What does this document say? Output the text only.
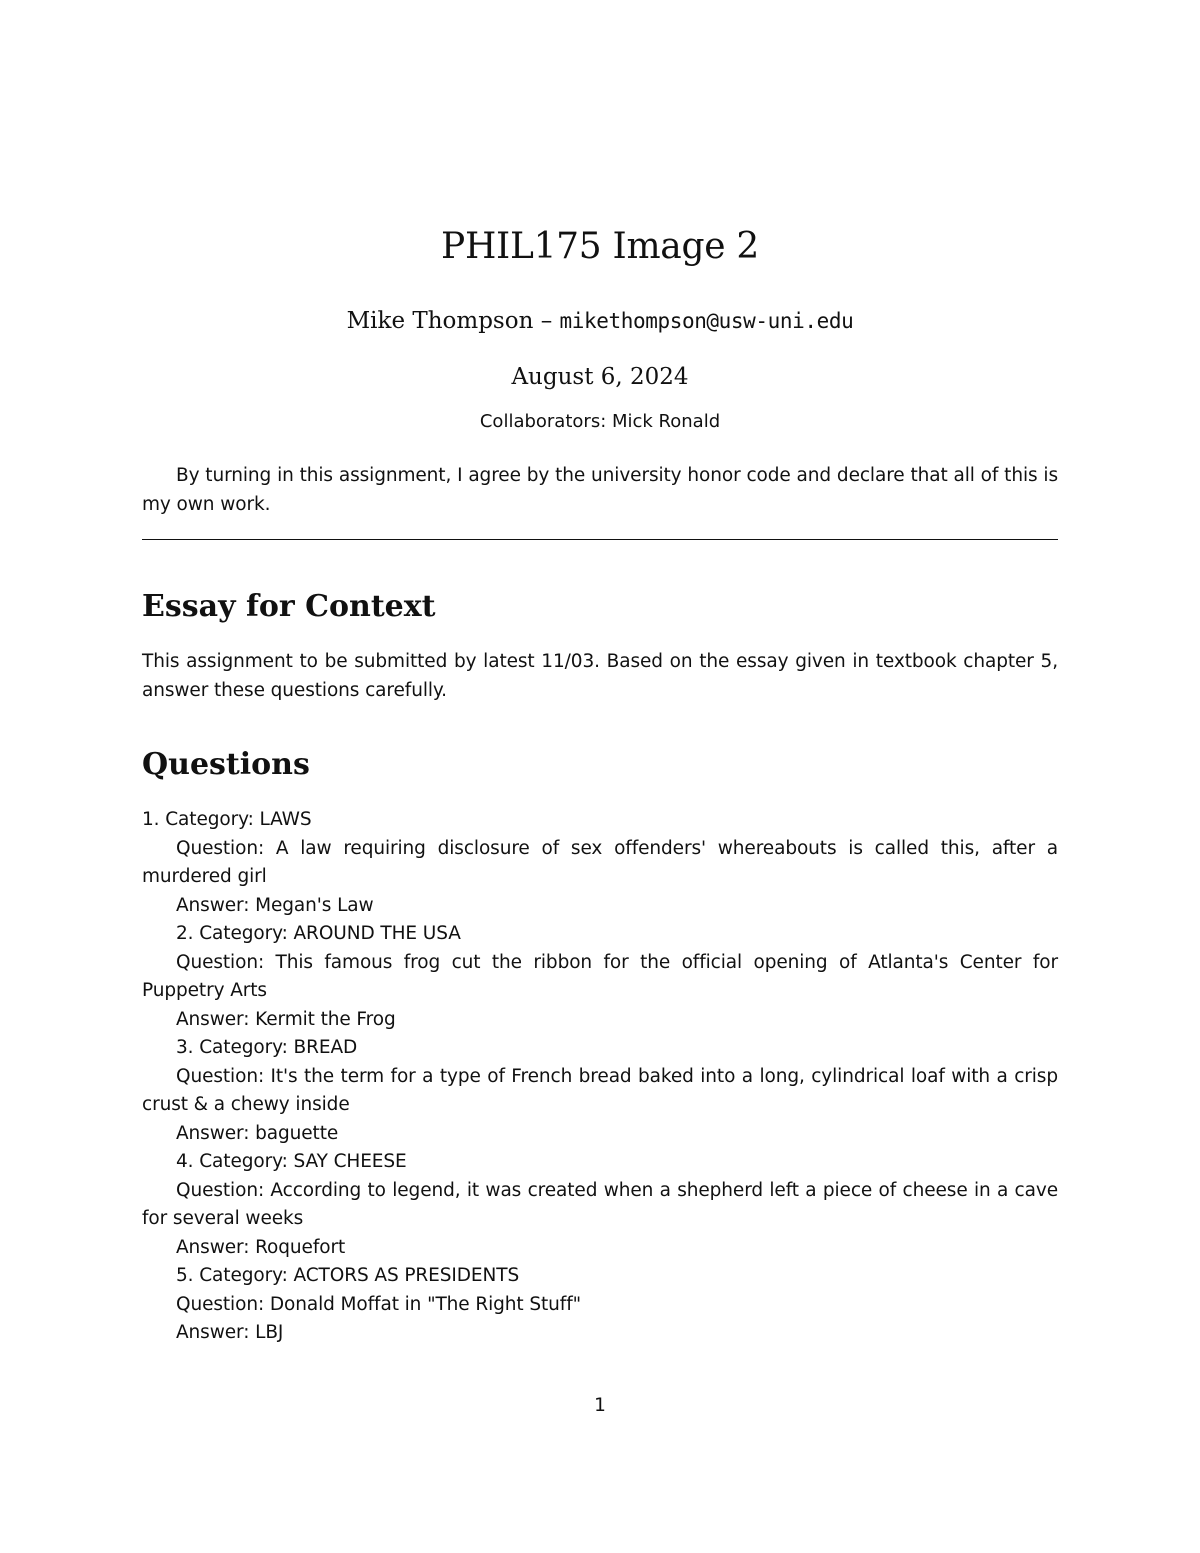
PHIL175 Image 2
Mike Thompson – mikethompson@usw-uni.edu
August 6, 2024
Collaborators: Mick Ronald
By turning in this assignment, I agree by the university honor code and declare that all of this is my own work.
Essay for Context
This assignment to be submitted by latest 11/03. Based on the essay given in textbook chapter 5, answer these questions carefully.
Questions

1. Category: LAWS

Question: A law requiring disclosure of sex offenders' whereabouts is called this, after a murdered girl

Answer: Megan's Law

2. Category: AROUND THE USA

Question: This famous frog cut the ribbon for the official opening of Atlanta's Center for Puppetry Arts

Answer: Kermit the Frog

3. Category: BREAD

Question: It's the term for a type of French bread baked into a long, cylindrical loaf with a crisp crust & a chewy inside

Answer: baguette

4. Category: SAY CHEESE

Question: According to legend, it was created when a shepherd left a piece of cheese in a cave for several weeks

Answer: Roquefort

5. Category: ACTORS AS PRESIDENTS

Question: Donald Moffat in "The Right Stuff"

Answer: LBJ

1
